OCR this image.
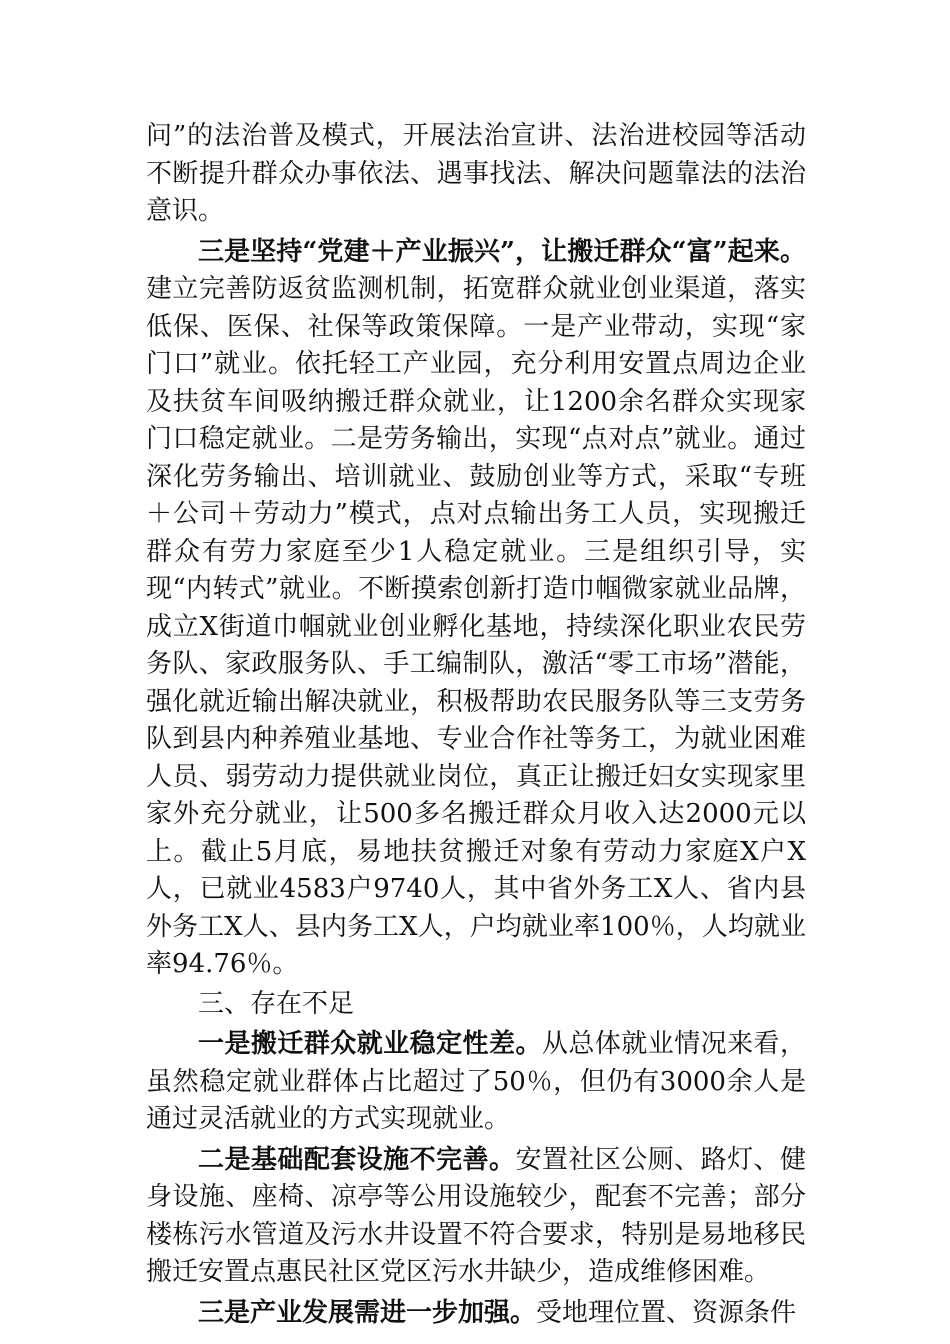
问”的法治普及模式，开展法治宣讲、法治进校园等活动不断提升群众办事依法、遇事找法、解决问题靠法的法治意识。

三是坚持“党建＋产业振兴”，让搬迁群众“富”起来。建立完善防返贫监测机制，拓宽群众就业创业渠道，落实低保、医保、社保等政策保障。一是产业带动，实现“家门口”就业。依托轻工产业园，充分利用安置点周边企业及扶贫车间吸纳搬迁群众就业，让1200余名群众实现家门口稳定就业。二是劳务输出，实现“点对点”就业。通过深化劳务输出、培训就业、鼓励创业等方式，采取“专班＋公司＋劳动力”模式，点对点输出务工人员，实现搬迁群众有劳力家庭至少1人稳定就业。三是组织引导，实现“内转式”就业。不断摸索创新打造巾帼微家就业品牌，成立X街道巾帼就业创业孵化基地，持续深化职业农民劳务队、家政服务队、手工编制队，激活“零工市场”潜能，强化就近输出解决就业，积极帮助农民服务队等三支劳务队到县内种养殖业基地、专业合作社等务工，为就业困难人员、弱劳动力提供就业岗位，真正让搬迁妇女实现家里家外充分就业，让500多名搬迁群众月收入达2000元以上。截止5月底，易地扶贫搬迁对象有劳动力家庭X户X人，已就业4583户9740人，其中省外务工X人、省内县外务工X人、县内务工X人，户均就业率100％，人均就业率94.76％。

三、存在不足

一是搬迁群众就业稳定性差。从总体就业情况来看，虽然稳定就业群体占比超过了50％，但仍有3000余人是通过灵活就业的方式实现就业。

二是基础配套设施不完善。安置社区公厕、路灯、健身设施、座椅、凉亭等公用设施较少，配套不完善；部分楼栋污水管道及污水井设置不符合要求，特别是易地移民搬迁安置点惠民社区党区污水井缺少，造成维修困难。

三是产业发展需进一步加强。受地理位置、资源条件
